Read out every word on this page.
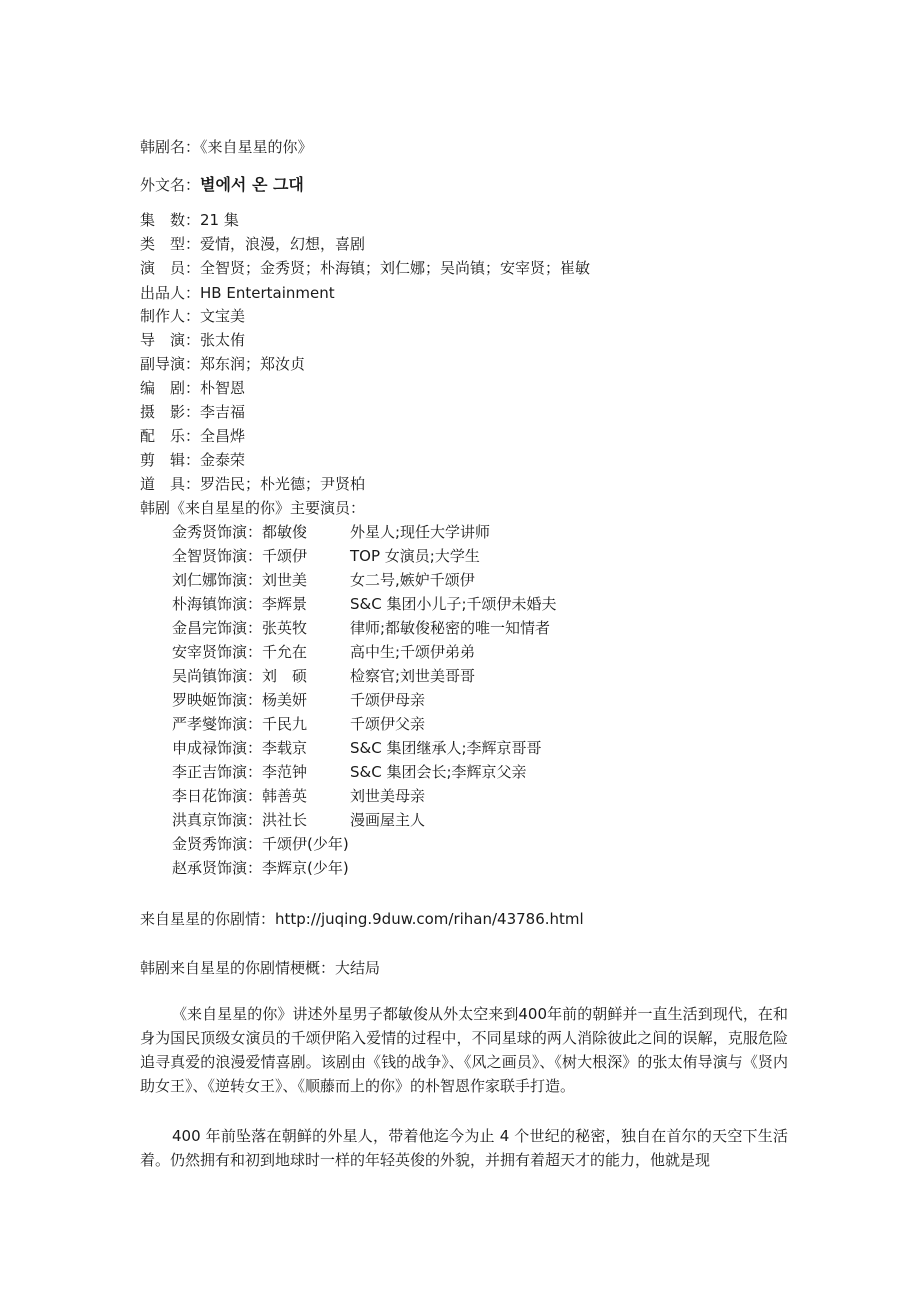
韩剧名：《来自星星的你》
外文名：별에서 온 그대
集　数：21 集
类　型：爱情，浪漫，幻想，喜剧
演　员：全智贤；金秀贤；朴海镇；刘仁娜；吴尚镇；安宰贤；崔敏
出品人：HB Entertainment
制作人：文宝美
导　演：张太侑
副导演：郑东润；郑汝贞
编　剧：朴智恩
摄　影：李吉福
配　乐：全昌烨
剪　辑：金泰荣
道　具：罗浩民；朴光德；尹贤柏
韩剧《来自星星的你》主要演员：
金秀贤饰演：都敏俊	外星人;现任大学讲师
全智贤饰演：千颂伊	TOP 女演员;大学生
刘仁娜饰演：刘世美	女二号,嫉妒千颂伊
朴海镇饰演：李辉景	S&C 集团小儿子;千颂伊未婚夫
金昌完饰演：张英牧	律师;都敏俊秘密的唯一知情者
安宰贤饰演：千允在	高中生;千颂伊弟弟
吴尚镇饰演：刘　硕	检察官;刘世美哥哥
罗映姬饰演：杨美妍	千颂伊母亲
严孝燮饰演：千民九	千颂伊父亲
申成禄饰演：李载京	S&C 集团继承人;李辉京哥哥
李正吉饰演：李范钟	S&C 集团会长;李辉京父亲
李日花饰演：韩善英	刘世美母亲
洪真京饰演：洪社长	漫画屋主人
金贤秀饰演：千颂伊(少年)
赵承贤饰演：李辉京(少年)
来自星星的你剧情：http://juqing.9duw.com/rihan/43786.html
韩剧来自星星的你剧情梗概：大结局

《来自星星的你》讲述外星男子都敏俊从外太空来到400年前的朝鲜并一直生活到现代，在和身为国民顶级女演员的千颂伊陷入爱情的过程中，不同星球的两人消除彼此之间的误解，克服危险追寻真爱的浪漫爱情喜剧。该剧由《钱的战争》、《风之画员》、《树大根深》的张太侑导演与《贤内助女王》、《逆转女王》、《顺藤而上的你》的朴智恩作家联手打造。

400 年前坠落在朝鲜的外星人，带着他迄今为止 4 个世纪的秘密，独自在首尔的天空下生活着。仍然拥有和初到地球时一样的年轻英俊的外貌，并拥有着超天才的能力，他就是现
